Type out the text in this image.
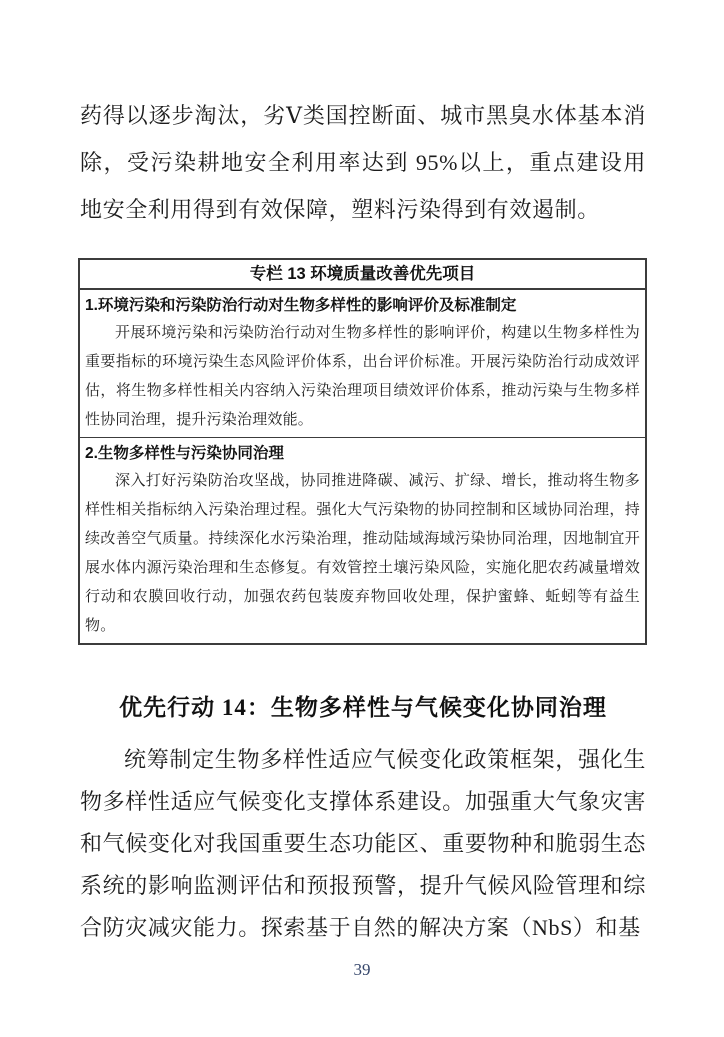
药得以逐步淘汰，劣Ⅴ类国控断面、城市黑臭水体基本消除，受污染耕地安全利用率达到 95%以上，重点建设用地安全利用得到有效保障，塑料污染得到有效遏制。

专栏 13 环境质量改善优先项目
1.环境污染和污染防治行动对生物多样性的影响评价及标准制定

开展环境污染和污染防治行动对生物多样性的影响评价，构建以生物多样性为重要指标的环境污染生态风险评价体系，出台评价标准。开展污染防治行动成效评估，将生物多样性相关内容纳入污染治理项目绩效评价体系，推动污染与生物多样性协同治理，提升污染治理效能。

2.生物多样性与污染协同治理

深入打好污染防治攻坚战，协同推进降碳、减污、扩绿、增长，推动将生物多样性相关指标纳入污染治理过程。强化大气污染物的协同控制和区域协同治理，持续改善空气质量。持续深化水污染治理，推动陆域海域污染协同治理，因地制宜开展水体内源污染治理和生态修复。有效管控土壤污染风险，实施化肥农药减量增效行动和农膜回收行动，加强农药包装废弃物回收处理，保护蜜蜂、蚯蚓等有益生物。

优先行动 14：生物多样性与气候变化协同治理

统筹制定生物多样性适应气候变化政策框架，强化生物多样性适应气候变化支撑体系建设。加强重大气象灾害和气候变化对我国重要生态功能区、重要物种和脆弱生态系统的影响监测评估和预报预警，提升气候风险管理和综合防灾减灾能力。探索基于自然的解决方案（NbS）和基

39
